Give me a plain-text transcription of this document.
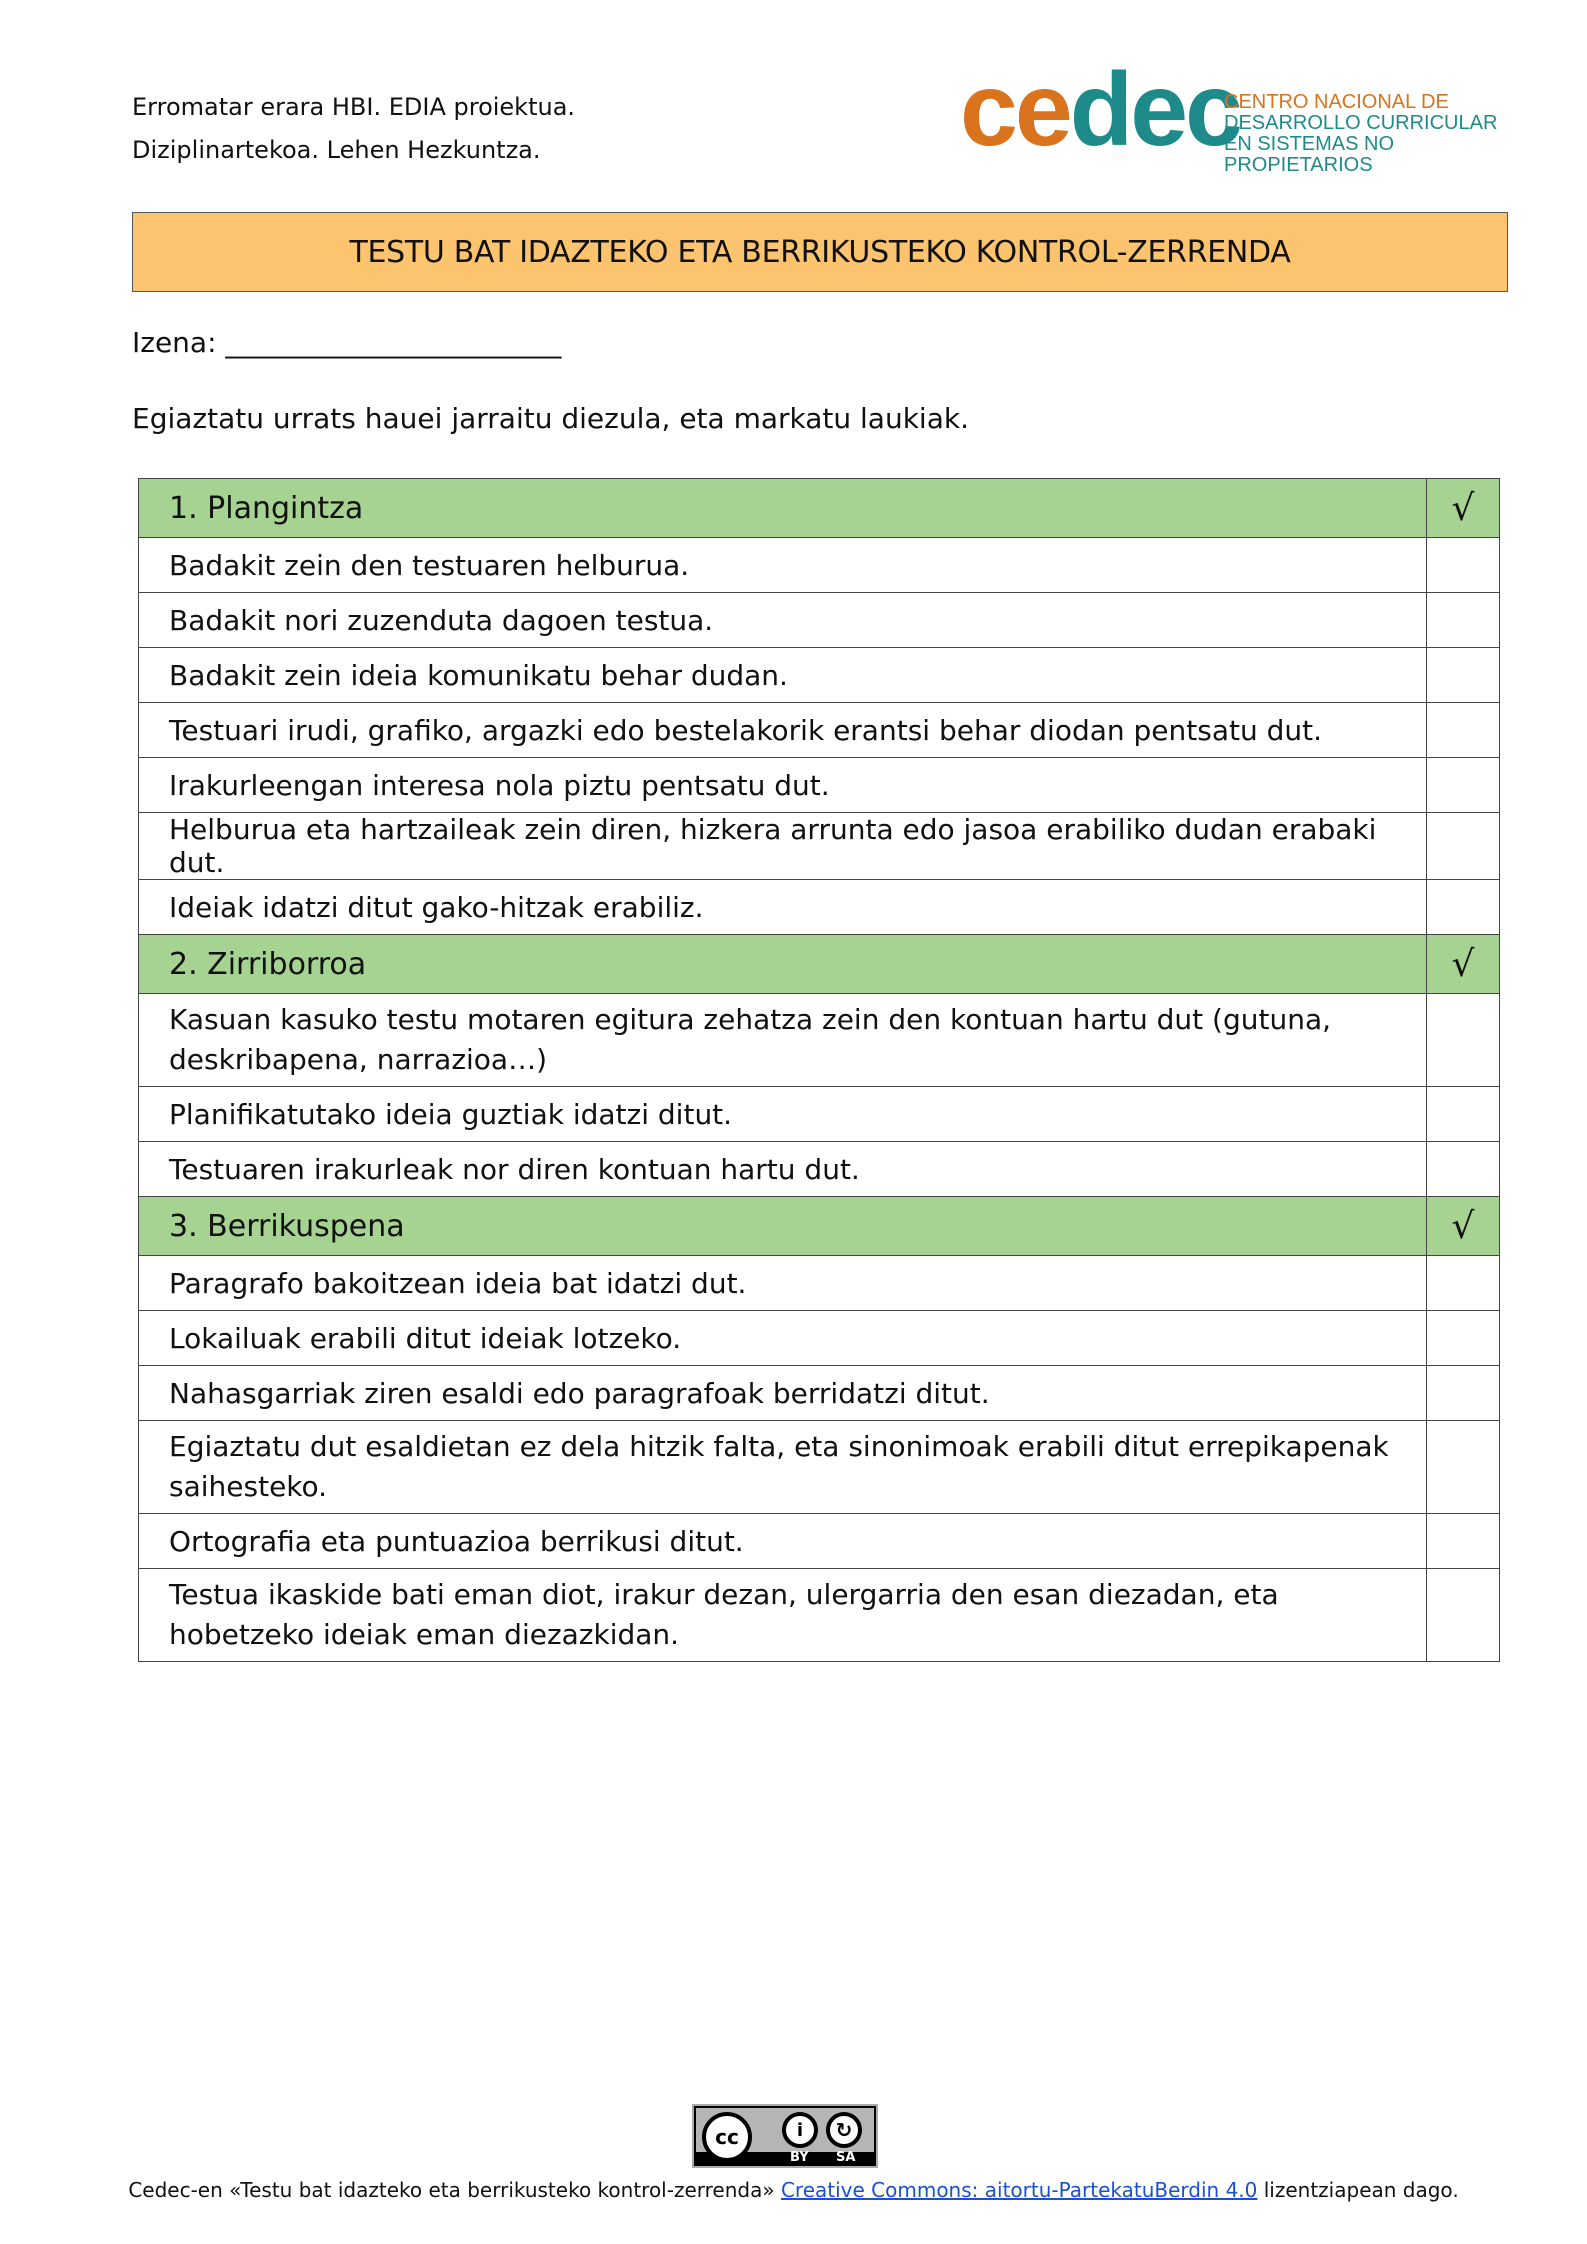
Erromatar erara HBI. EDIA proiektua.
Diziplinartekoa. Lehen Hezkuntza.	cedec
CENTRO NACIONAL DE
DESARROLLO CURRICULAR
EN SISTEMAS NO PROPIETARIOS
TESTU BAT IDAZTEKO ETA BERRIKUSTEKO KONTROL-ZERRENDA
Izena: ________________________
Egiaztatu urrats hauei jarraitu diezula, eta markatu laukiak.
1. Plangintza	√
Badakit zein den testuaren helburua.	
Badakit nori zuzenduta dagoen testua.	
Badakit zein ideia komunikatu behar dudan.	
Testuari irudi, grafiko, argazki edo bestelakorik erantsi behar diodan pentsatu dut.	
Irakurleengan interesa nola piztu pentsatu dut.	
Helburua eta hartzaileak zein diren, hizkera arrunta edo jasoa erabiliko dudan erabaki dut.	
Ideiak idatzi ditut gako-hitzak erabiliz.	
2. Zirriborroa	√
Kasuan kasuko testu motaren egitura zehatza zein den kontuan hartu dut (gutuna, deskribapena, narrazioa…)	
Planifikatutako ideia guztiak idatzi ditut.	
Testuaren irakurleak nor diren kontuan hartu dut.	
3. Berrikuspena	√
Paragrafo bakoitzean ideia bat idatzi dut.	
Lokailuak erabili ditut ideiak lotzeko.	
Nahasgarriak ziren esaldi edo paragrafoak berridatzi ditut.	
Egiaztatu dut esaldietan ez dela hitzik falta, eta sinonimoak erabili ditut errepikapenak saihesteko.	
Ortografia eta puntuazioa berrikusi ditut.	
Testua ikaskide bati eman diot, irakur dezan, ulergarria den esan diezadan, eta hobetzeko ideiak eman diezazkidan.	
cc	i	↻
BY SA
Cedec-en «Testu bat idazteko eta berrikusteko kontrol-zerrenda» Creative Commons: aitortu-PartekatuBerdin 4.0 lizentziapean dago.
